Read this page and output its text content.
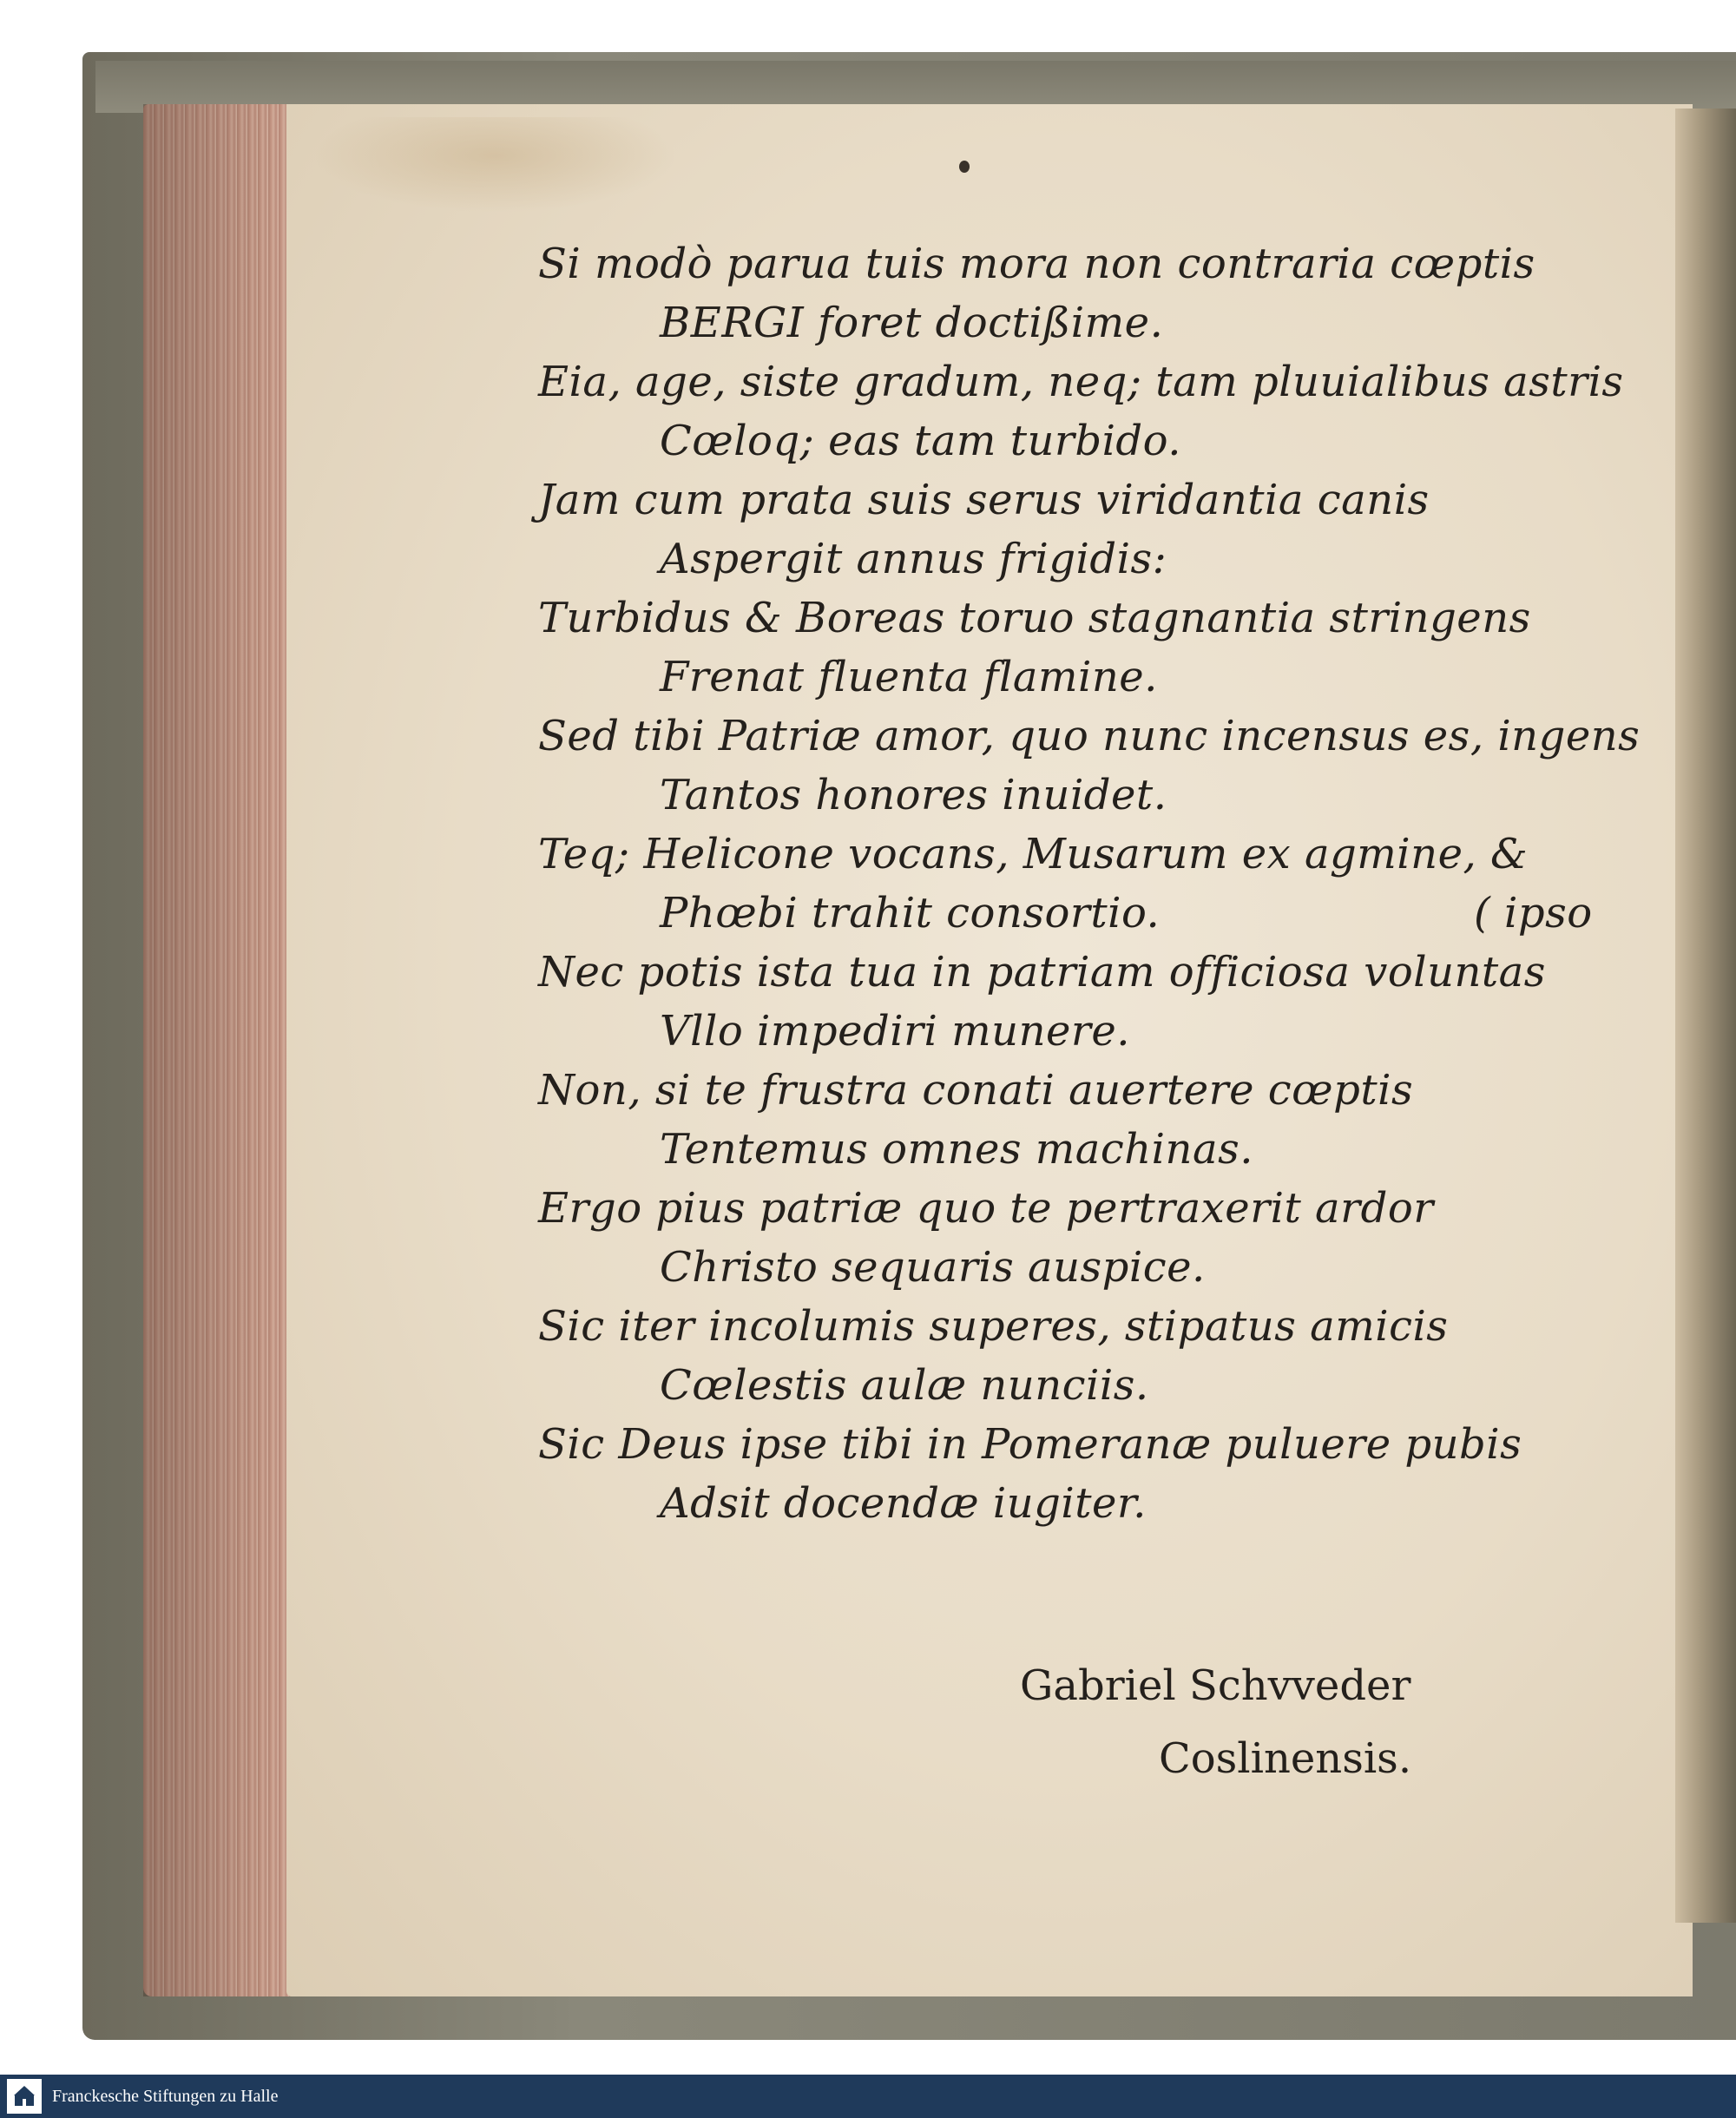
Si modò parua tuis mora non contraria cœptis
BERGI foret doctißime.
Eia, age, siste gradum, neq; tam pluuialibus astris
Cœloq; eas tam turbido.
Jam cum prata suis serus viridantia canis
Aspergit annus frigidis:
Turbidus & Boreas toruo stagnantia stringens
Frenat fluenta flamine.
Sed tibi Patriæ amor, quo nunc incensus es, ingens
Tantos honores inuidet.
Teq; Helicone vocans, Musarum ex agmine, &
Phœbi trahit consortio.	( ipso
Nec potis ista tua in patriam officiosa voluntas
Vllo impediri munere.
Non, si te frustra conati auertere cœptis
Tentemus omnes machinas.
Ergo pius patriæ quo te pertraxerit ardor
Christo sequaris auspice.
Sic iter incolumis superes, stipatus amicis
Cœlestis aulæ nunciis.
Sic Deus ipse tibi in Pomeranæ puluere pubis
Adsit docendæ iugiter.
Gabriel Schvveder
Coslinensis.
Franckesche Stiftungen zu Halle
